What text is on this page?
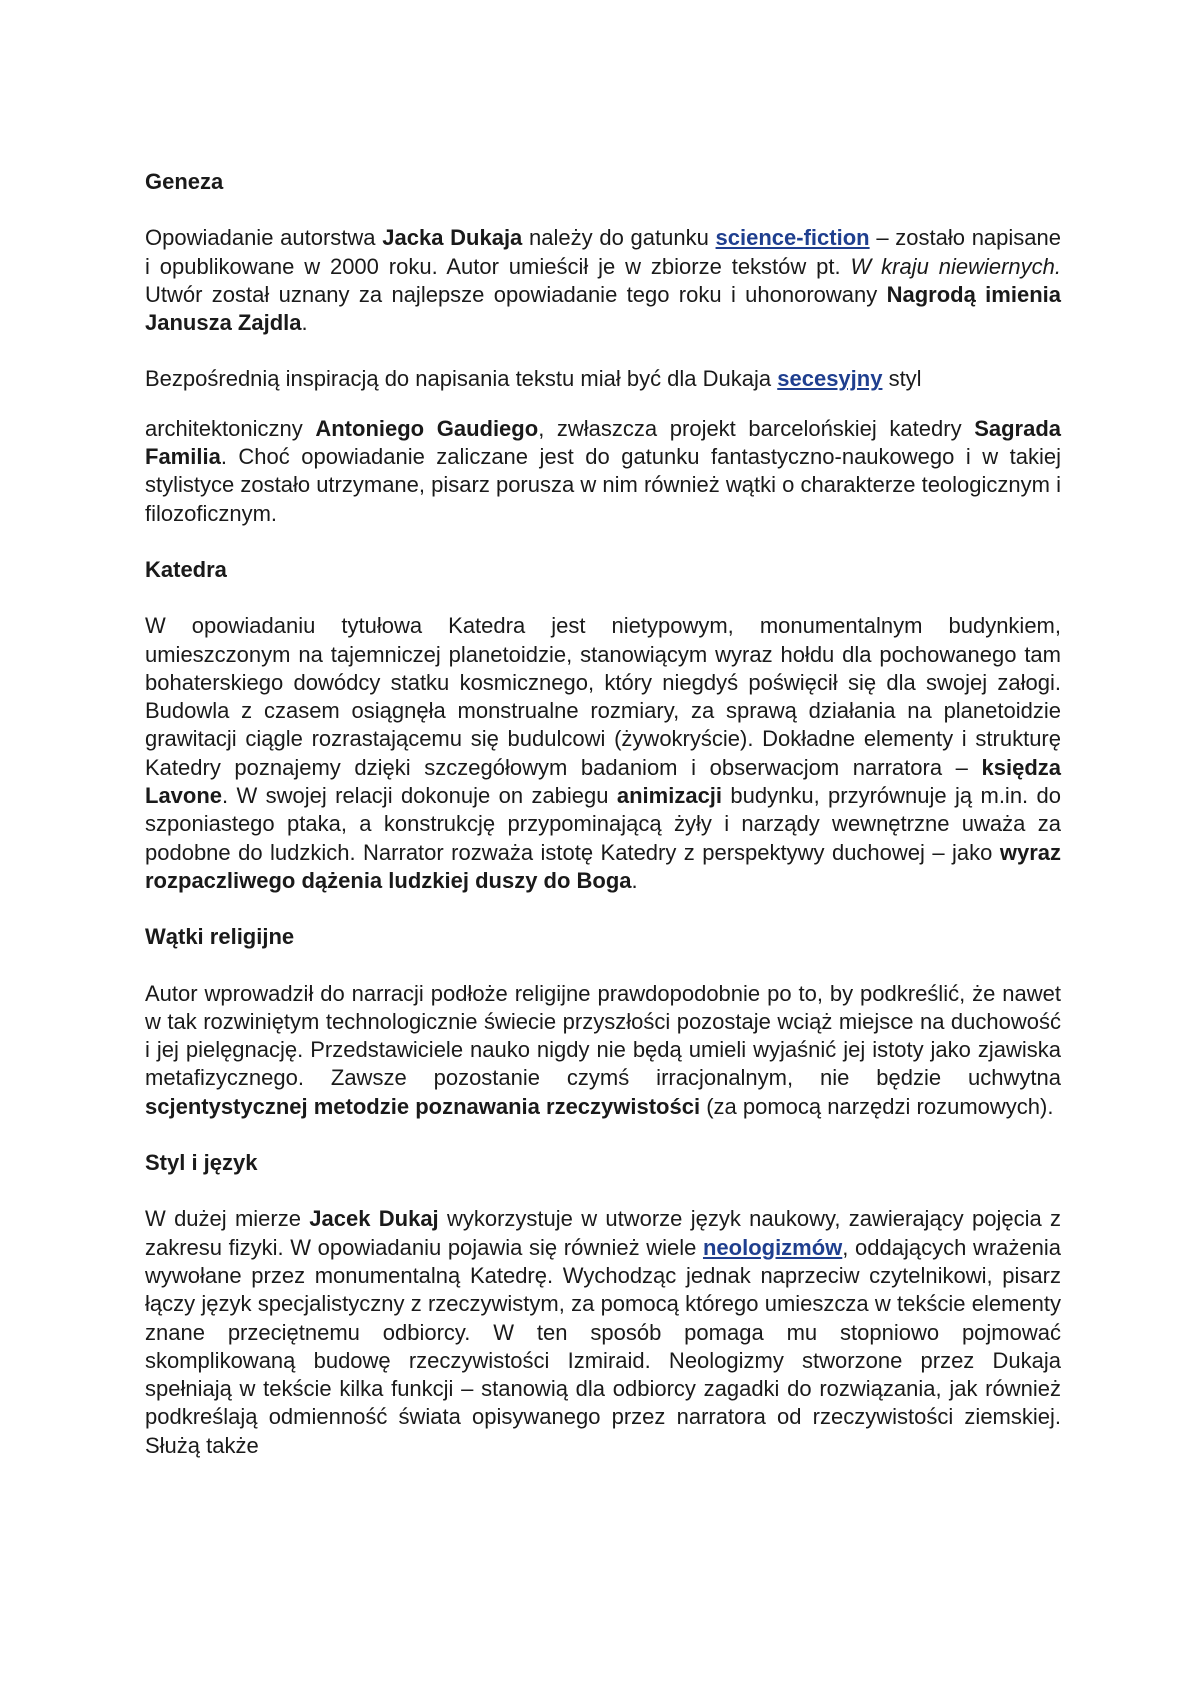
Geneza

Opowiadanie autorstwa Jacka Dukaja należy do gatunku science-fiction – zostało napisane i opublikowane w 2000 roku. Autor umieścił je w zbiorze tekstów pt. W kraju niewiernych. Utwór został uznany za najlepsze opowiadanie tego roku i uhonorowany Nagrodą imienia Janusza Zajdla.

Bezpośrednią inspiracją do napisania tekstu miał być dla Dukaja secesyjny styl

architektoniczny Antoniego Gaudiego, zwłaszcza projekt barcelońskiej katedry Sagrada Familia. Choć opowiadanie zaliczane jest do gatunku fantastyczno-naukowego i w takiej stylistyce zostało utrzymane, pisarz porusza w nim również wątki o charakterze teologicznym i filozoficznym.

Katedra

W opowiadaniu tytułowa Katedra jest nietypowym, monumentalnym budynkiem, umieszczonym na tajemniczej planetoidzie, stanowiącym wyraz hołdu dla pochowanego tam bohaterskiego dowódcy statku kosmicznego, który niegdyś poświęcił się dla swojej załogi. Budowla z czasem osiągnęła monstrualne rozmiary, za sprawą działania na planetoidzie grawitacji ciągle rozrastającemu się budulcowi (żywokryście). Dokładne elementy i strukturę Katedry poznajemy dzięki szczegółowym badaniom i obserwacjom narratora – księdza Lavone. W swojej relacji dokonuje on zabiegu animizacji budynku, przyrównuje ją m.in. do szponiastego ptaka, a konstrukcję przypominającą żyły i narządy wewnętrzne uważa za podobne do ludzkich. Narrator rozważa istotę Katedry z perspektywy duchowej – jako wyraz rozpaczliwego dążenia ludzkiej duszy do Boga.

Wątki religijne

Autor wprowadził do narracji podłoże religijne prawdopodobnie po to, by podkreślić, że nawet w tak rozwiniętym technologicznie świecie przyszłości pozostaje wciąż miejsce na duchowość i jej pielęgnację. Przedstawiciele nauko nigdy nie będą umieli wyjaśnić jej istoty jako zjawiska metafizycznego. Zawsze pozostanie czymś irracjonalnym, nie będzie uchwytna scjentystycznej metodzie poznawania rzeczywistości (za pomocą narzędzi rozumowych).

Styl i język

W dużej mierze Jacek Dukaj wykorzystuje w utworze język naukowy, zawierający pojęcia z zakresu fizyki. W opowiadaniu pojawia się również wiele neologizmów, oddających wrażenia wywołane przez monumentalną Katedrę. Wychodząc jednak naprzeciw czytelnikowi, pisarz łączy język specjalistyczny z rzeczywistym, za pomocą którego umieszcza w tekście elementy znane przeciętnemu odbiorcy. W ten sposób pomaga mu stopniowo pojmować skomplikowaną budowę rzeczywistości Izmiraid. Neologizmy stworzone przez Dukaja spełniają w tekście kilka funkcji – stanowią dla odbiorcy zagadki do rozwiązania, jak również podkreślają odmienność świata opisywanego przez narratora od rzeczywistości ziemskiej. Służą także
